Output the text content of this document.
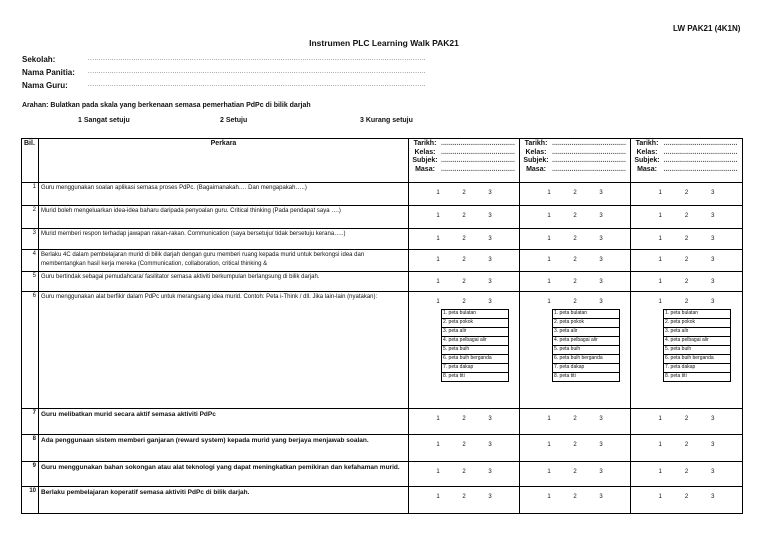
LW PAK21 (4K1N)
Instrumen PLC Learning Walk PAK21
Sekolah:	............................................................................................................................................................
Nama Panitia: ............................................................................................................................................................
Nama Guru:	............................................................................................................................................................
Arahan: Bulatkan pada skala yang berkenaan semasa pemerhatian PdPc di bilik darjah
1 Sangat setuju	2 Setuju	3 Kurang setuju
Bil.	Perkara	Tarikh: ......................................
Kelas: ......................................
Subjek: ......................................
Masa: ......................................

Tarikh: ......................................
Kelas: ......................................
Subjek: ......................................
Masa: ......................................

Tarikh: ......................................
Kelas: ......................................
Subjek: ......................................
Masa: ......................................

1	Guru menggunakan soalan aplikasi semasa proses PdPc. (Bagaimanakah…. Dan mengapakah…..)	
1	2	3	1	2	3	1	2	3

2	Murid boleh mengeluarkan idea-idea baharu daripada penyoalan guru. Critical thinking (Pada pendapat saya ….)	
1	2	3	1	2	3	1	2	3

3	Murid memberi respon terhadap jawapan rakan-rakan. Communication (saya bersetuju/ tidak bersetuju kerana…..)	
1	2	3	1	2	3	1	2	3

4	Berlaku 4C dalam pembelajaran murid di bilik darjah dengan guru memberi ruang kepada murid untuk berkongsi idea dan membentangkan hasil kerja mereka (Communication, collaboration, critical thinking &	
1	2	3	1	2	3	1	2	3

5	Guru bertindak sebagai pemudahcara/ fasilitator semasa aktiviti berkumpulan berlangsung di bilik darjah.	
1	2	3	1	2	3	1	2	3

6	Guru menggunakan alat berfikir dalam PdPc untuk merangsang idea murid. Contoh: Peta i-Think / dll. Jika lain-lain (nyatakan):	
1	2	3
1. peta bulatan
2. peta pokok
3. peta alir
4. peta pelbagai alir
5. peta buih
6. peta buih berganda
7. peta dakap
8. peta titi

1	2	3
1. peta bulatan
2. peta pokok
3. peta alir
4. peta pelbagai alir
5. peta buih
6. peta buih berganda
7. peta dakap
8. peta titi

1	2	3
1. peta bulatan
2. peta pokok
3. peta alir
4. peta pelbagai alir
5. peta buih
6. peta buih berganda
7. peta dakap
8. peta titi

7	Guru melibatkan murid secara aktif semasa aktiviti PdPc	
1	2	3	1	2	3	1	2	3

8	Ada penggunaan sistem memberi ganjaran (reward system) kepada murid yang berjaya menjawab soalan.	
1	2	3	1	2	3	1	2	3

9	Guru menggunakan bahan sokongan atau alat teknologi yang dapat meningkatkan pemikiran dan kefahaman murid.	
1	2	3	1	2	3	1	2	3

10	Berlaku pembelajaran koperatif semasa aktiviti PdPc di bilik darjah.	
1	2	3	1	2	3	1	2	3
